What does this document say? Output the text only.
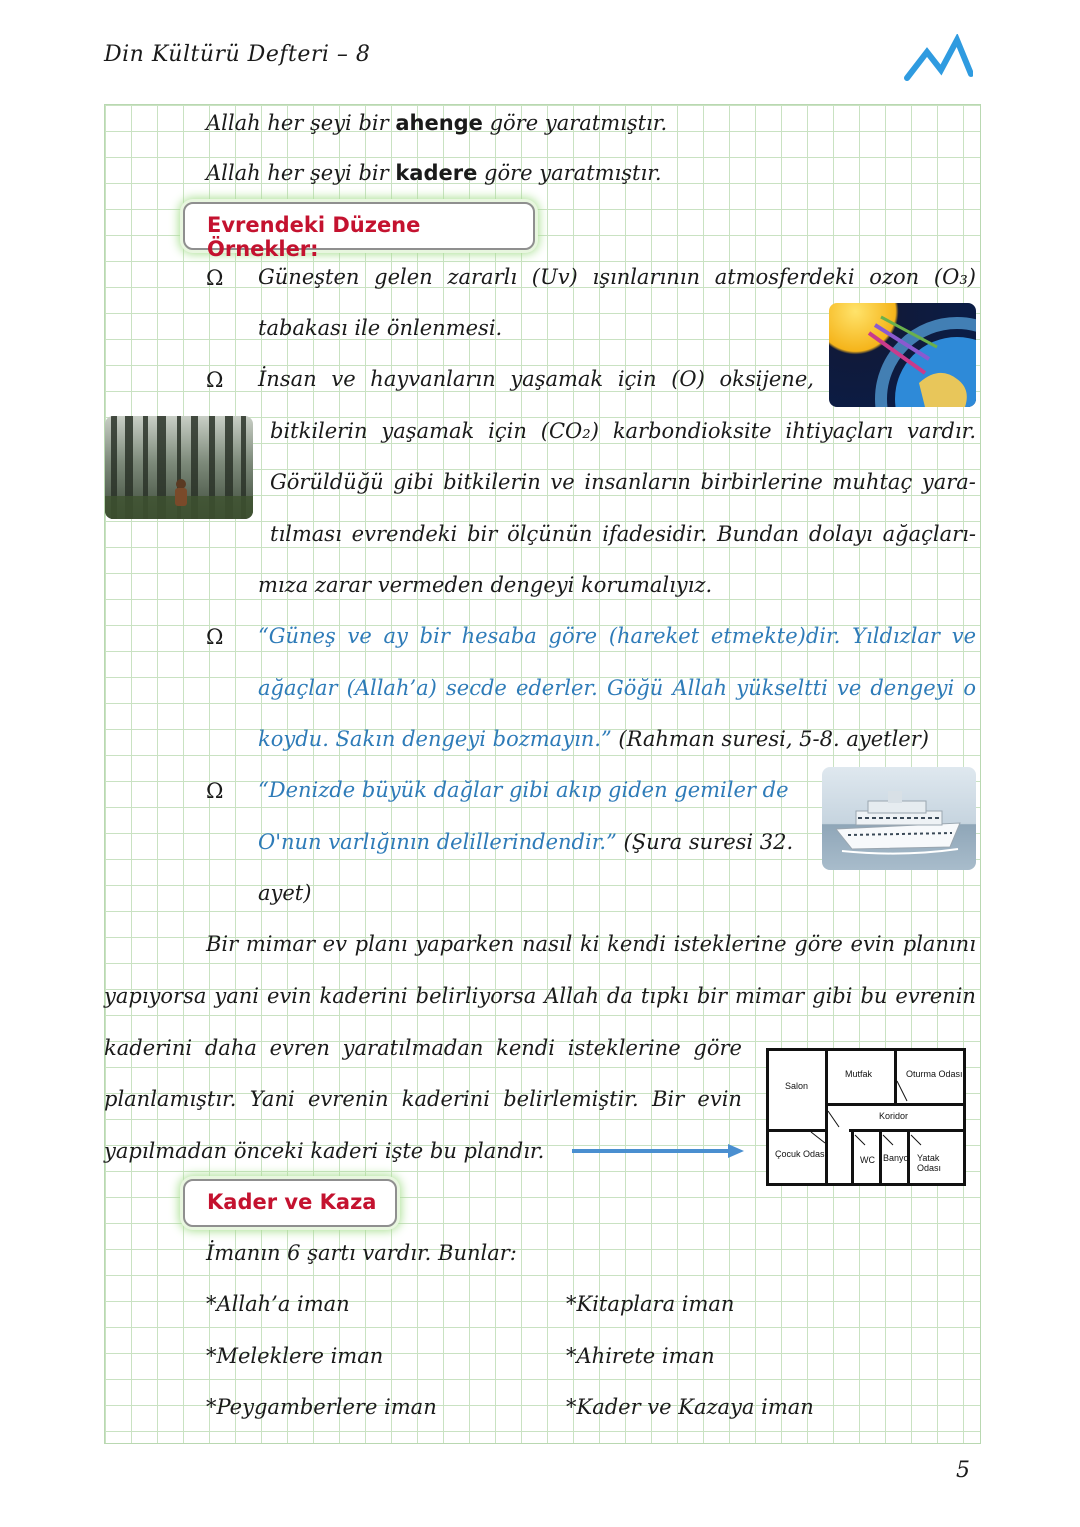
Din Kültürü Defteri – 8
Allah her şeyi bir ahenge göre yaratmıştır.
Allah her şeyi bir kadere göre yaratmıştır.
Evrendeki Düzene Örnekler:
Ω Güneşten gelen zararlı (Uv) ışınlarının atmosferdeki ozon (O₃)
tabakası ile önlenmesi.
Ω İnsan ve hayvanların yaşamak için (O) oksijene,
bitkilerin yaşamak için (CO₂) karbondioksite ihtiyaçları vardır.
Görüldüğü gibi bitkilerin ve insanların birbirlerine muhtaç yara-
tılması evrendeki bir ölçünün ifadesidir. Bundan dolayı ağaçları-
mıza zarar vermeden dengeyi korumalıyız.
Ω “Güneş ve ay bir hesaba göre (hareket etmekte)dir. Yıldızlar ve
ağaçlar (Allah’a) secde ederler. Göğü Allah yükseltti ve dengeyi o
koydu. Sakın dengeyi bozmayın.” (Rahman suresi, 5-8. ayetler)
Ω “Denizde büyük dağlar gibi akıp giden gemiler de
O'nun varlığının delillerindendir.” (Şura suresi 32.
ayet)
Bir mimar ev planı yaparken nasıl ki kendi isteklerine göre evin planını
yapıyorsa yani evin kaderini belirliyorsa Allah da tıpkı bir mimar gibi bu evrenin
kaderini daha evren yaratılmadan kendi isteklerine göre
planlamıştır. Yani evrenin kaderini belirlemiştir. Bir evin
yapılmadan önceki kaderi işte bu plandır.
Salon
Mutfak	Oturma Odası
Koridor
Çocuk Odası
WC Banyo Yatak Odası
Kader ve Kaza
İmanın 6 şartı vardır. Bunlar:
*Allah’a iman	*Kitaplara iman
*Meleklere iman	*Ahirete iman
*Peygamberlere iman	*Kader ve Kazaya iman
5
